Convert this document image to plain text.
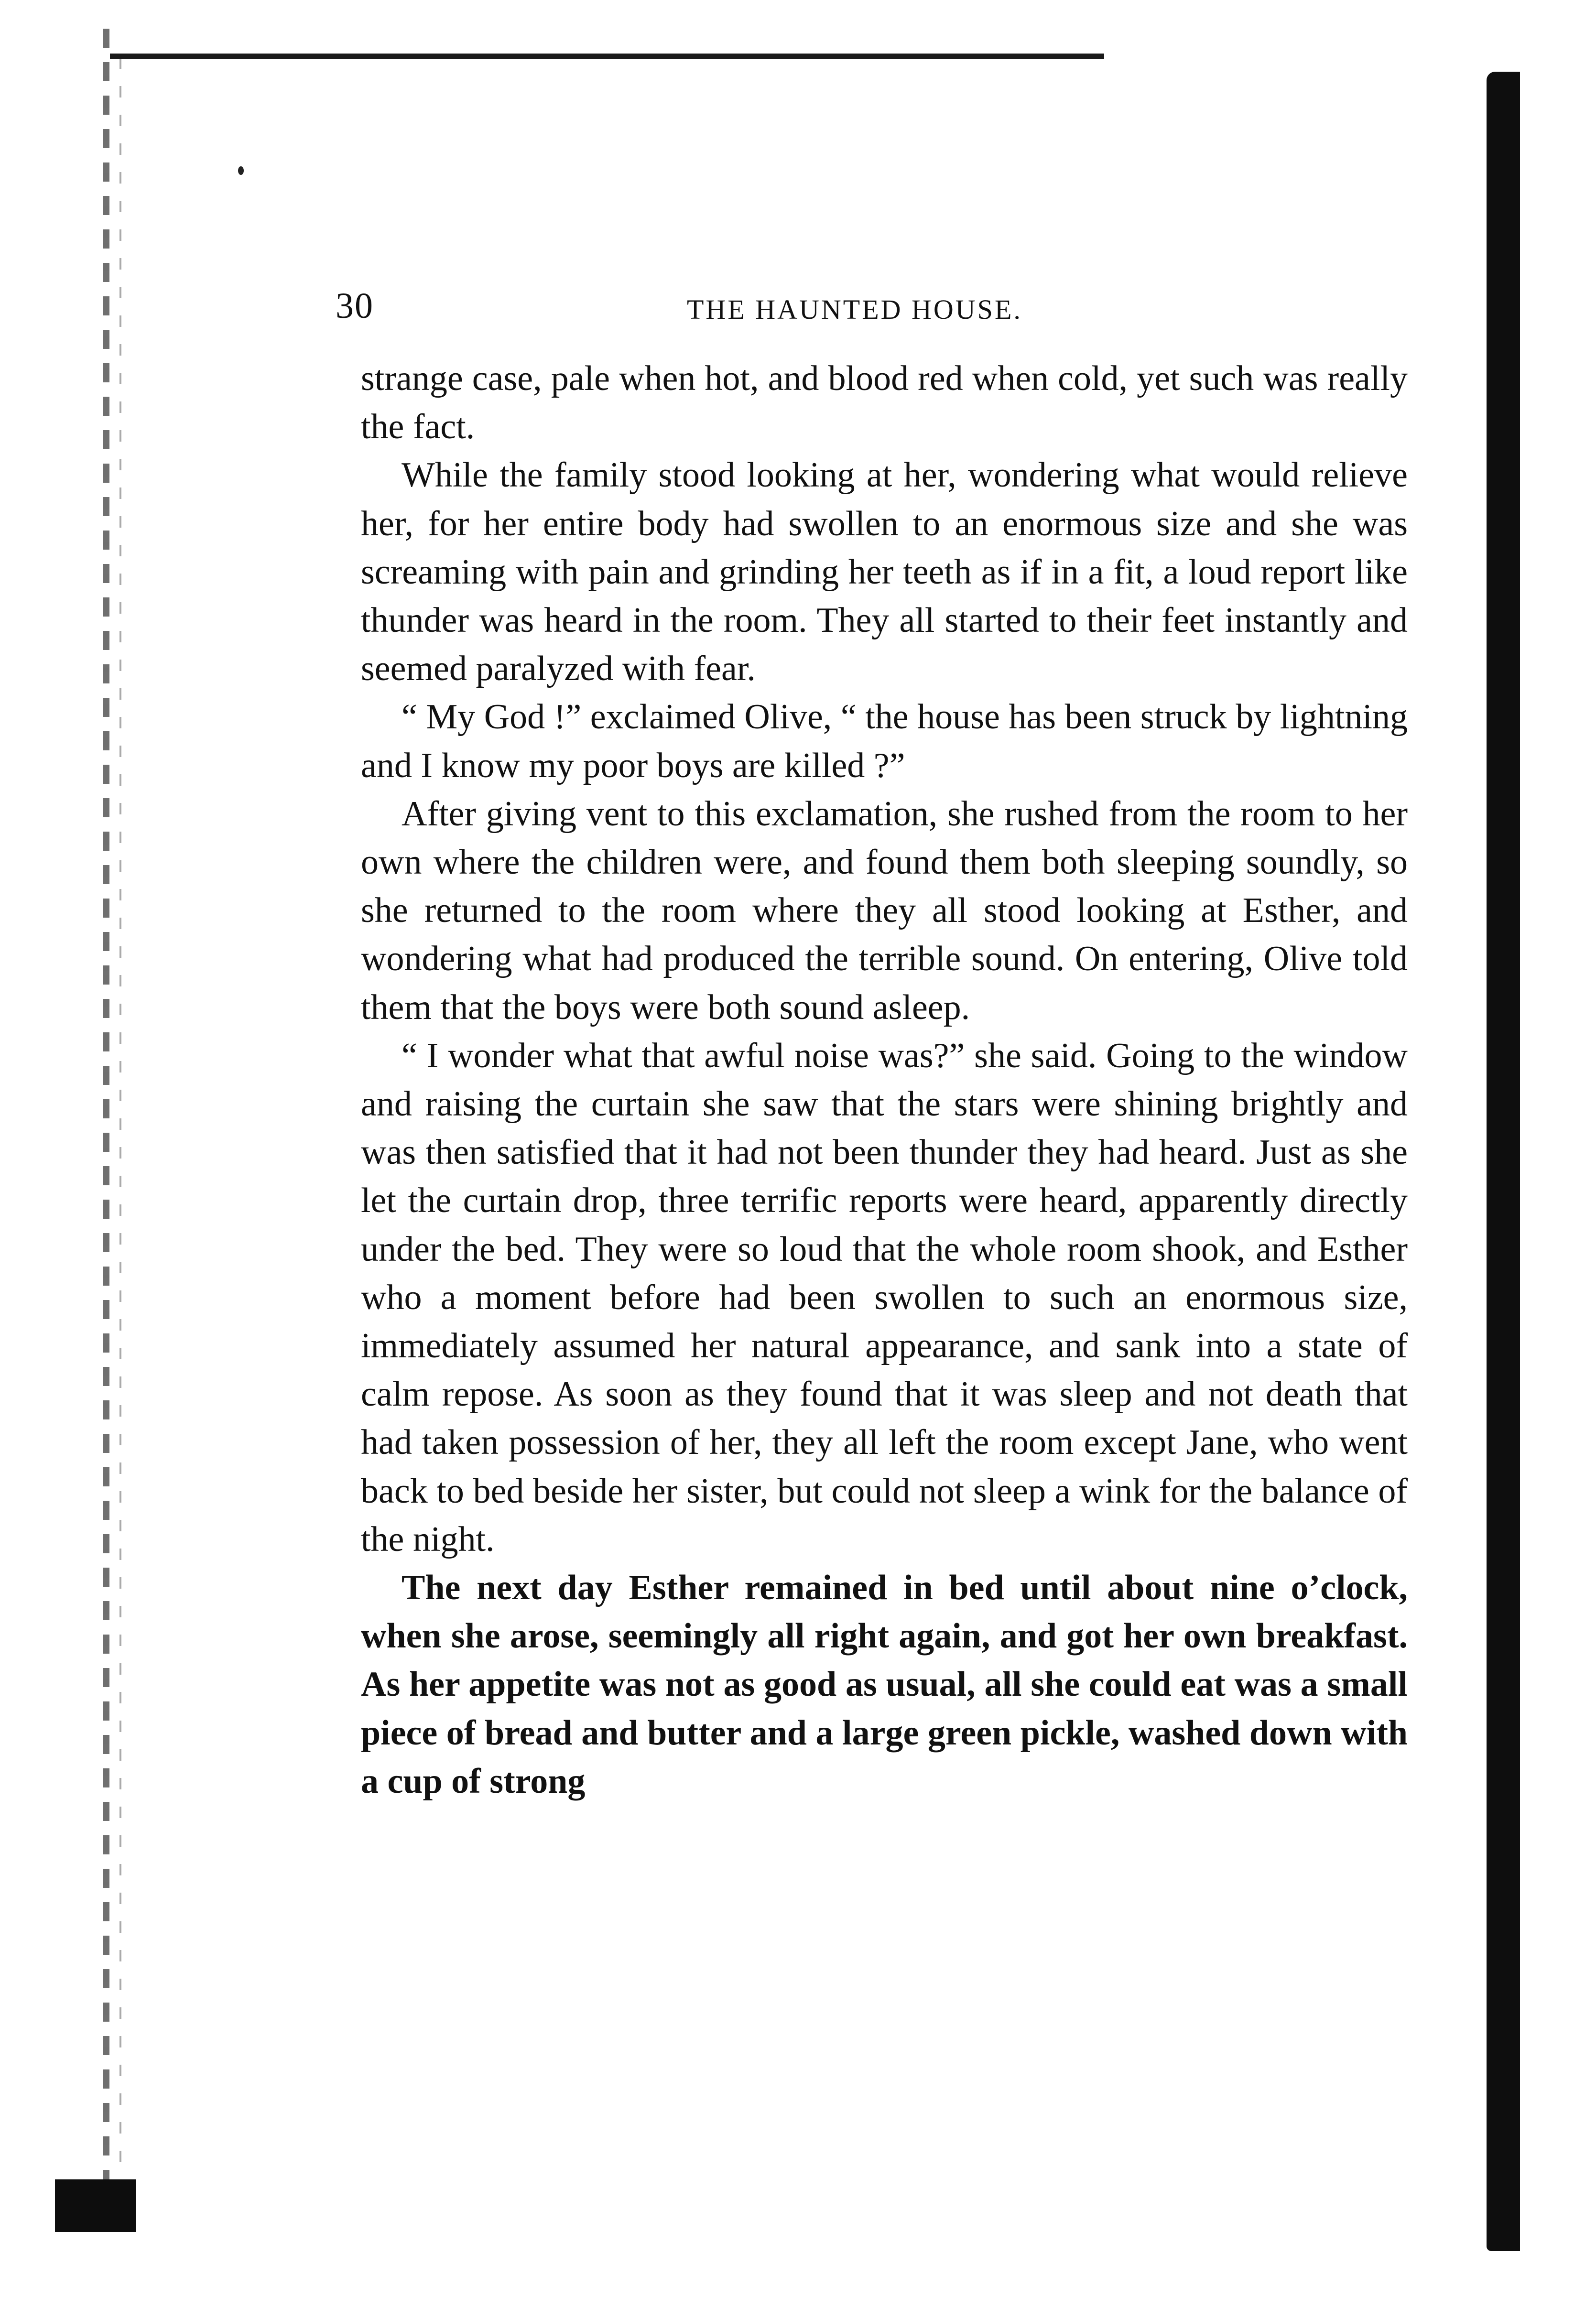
30	THE HAUNTED HOUSE.

strange case, pale when hot, and blood red when cold, yet such was really the fact.

While the family stood looking at her, wondering what would relieve her, for her entire body had swollen to an enormous size and she was screaming with pain and grinding her teeth as if in a fit, a loud report like thunder was heard in the room. They all started to their feet instantly and seemed paralyzed with fear.

“ My God !” exclaimed Olive, “ the house has been struck by lightning and I know my poor boys are killed ?”

After giving vent to this exclamation, she rushed from the room to her own where the children were, and found them both sleeping soundly, so she returned to the room where they all stood looking at Esther, and wondering what had produced the terrible sound. On entering, Olive told them that the boys were both sound asleep.

“ I wonder what that awful noise was?” she said. Going to the window and raising the curtain she saw that the stars were shining brightly and was then satisfied that it had not been thunder they had heard. Just as she let the curtain drop, three terrific reports were heard, apparently directly under the bed. They were so loud that the whole room shook, and Esther who a moment before had been swollen to such an enormous size, immediately assumed her natural appearance, and sank into a state of calm repose. As soon as they found that it was sleep and not death that had taken possession of her, they all left the room except Jane, who went back to bed beside her sister, but could not sleep a wink for the balance of the night.

The next day Esther remained in bed until about nine o’clock, when she arose, seemingly all right again, and got her own breakfast. As her appetite was not as good as usual, all she could eat was a small piece of bread and butter and a large green pickle, washed down with a cup of strong
